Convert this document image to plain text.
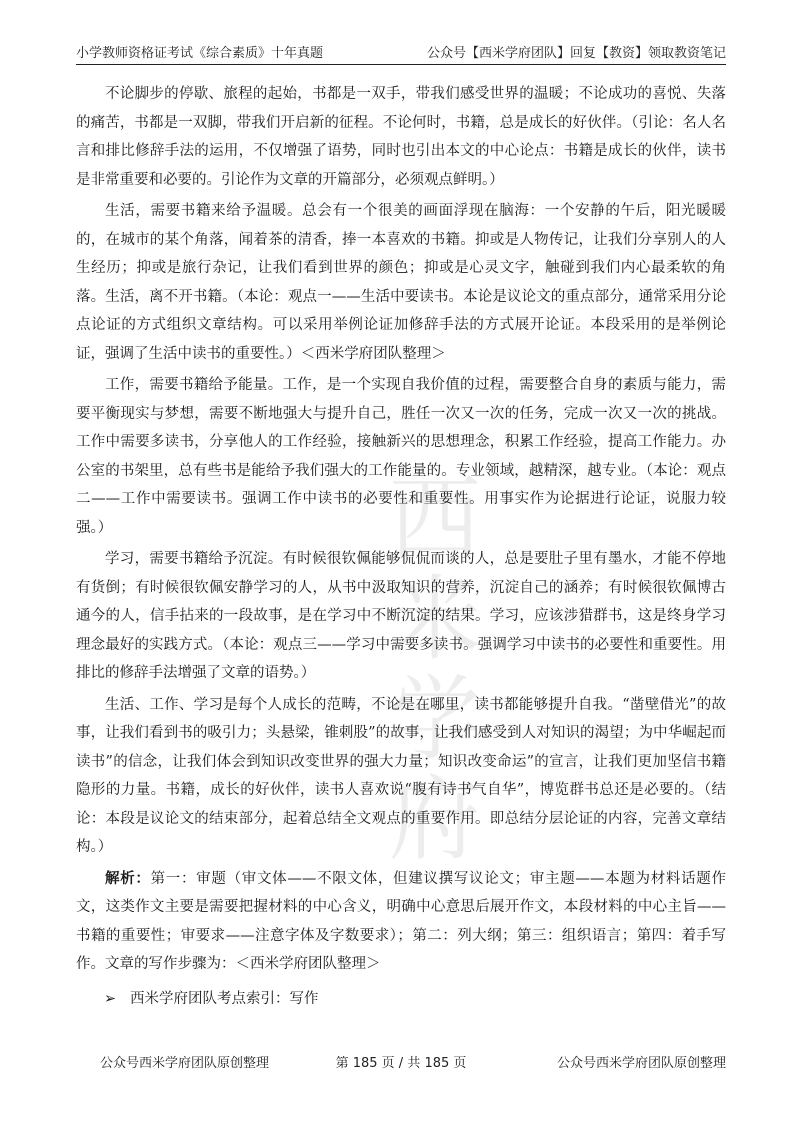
小学教师资格证考试《综合素质》十年真题	公众号【西米学府团队】回复【教资】领取教资笔记
西米
学府

不论脚步的停歇、旅程的起始，书都是一双手，带我们感受世界的温暖；不论成功的喜悦、失落的痛苦，书都是一双脚，带我们开启新的征程。不论何时，书籍，总是成长的好伙伴。（引论：名人名言和排比修辞手法的运用，不仅增强了语势，同时也引出本文的中心论点：书籍是成长的伙伴，读书是非常重要和必要的。引论作为文章的开篇部分，必须观点鲜明。）

生活，需要书籍来给予温暖。总会有一个很美的画面浮现在脑海：一个安静的午后，阳光暖暖的，在城市的某个角落，闻着茶的清香，捧一本喜欢的书籍。抑或是人物传记，让我们分享别人的人生经历；抑或是旅行杂记，让我们看到世界的颜色；抑或是心灵文字，触碰到我们内心最柔软的角落。生活，离不开书籍。（本论：观点一——生活中要读书。本论是议论文的重点部分，通常采用分论点论证的方式组织文章结构。可以采用举例论证加修辞手法的方式展开论证。本段采用的是举例论证，强调了生活中读书的重要性。）＜西米学府团队整理＞

工作，需要书籍给予能量。工作，是一个实现自我价值的过程，需要整合自身的素质与能力，需要平衡现实与梦想，需要不断地强大与提升自己，胜任一次又一次的任务，完成一次又一次的挑战。工作中需要多读书，分享他人的工作经验，接触新兴的思想理念，积累工作经验，提高工作能力。办公室的书架里，总有些书是能给予我们强大的工作能量的。专业领域，越精深，越专业。（本论：观点二——工作中需要读书。强调工作中读书的必要性和重要性。用事实作为论据进行论证，说服力较强。）

学习，需要书籍给予沉淀。有时候很钦佩能够侃侃而谈的人，总是要肚子里有墨水，才能不停地有货倒；有时候很钦佩安静学习的人，从书中汲取知识的营养，沉淀自己的涵养；有时候很钦佩博古通今的人，信手拈来的一段故事，是在学习中不断沉淀的结果。学习，应该涉猎群书，这是终身学习理念最好的实践方式。（本论：观点三——学习中需要多读书。强调学习中读书的必要性和重要性。用排比的修辞手法增强了文章的语势。）

生活、工作、学习是每个人成长的范畴，不论是在哪里，读书都能够提升自我。“凿壁借光”的故事，让我们看到书的吸引力；头悬梁，锥刺股”的故事，让我们感受到人对知识的渴望；为中华崛起而读书”的信念，让我们体会到知识改变世界的强大力量；知识改变命运”的宣言，让我们更加坚信书籍隐形的力量。书籍，成长的好伙伴，读书人喜欢说“腹有诗书气自华”，博览群书总还是必要的。（结论：本段是议论文的结束部分，起着总结全文观点的重要作用。即总结分层论证的内容，完善文章结构。）

解析：第一：审题（审文体——不限文体，但建议撰写议论文；审主题——本题为材料话题作文，这类作文主要是需要把握材料的中心含义，明确中心意思后展开作文，本段材料的中心主旨——书籍的重要性；审要求——注意字体及字数要求）；第二：列大纲；第三：组织语言；第四：着手写作。文章的写作步骤为：＜西米学府团队整理＞

➢ 西米学府团队考点索引：写作
公众号西米学府团队原创整理	第 185 页 / 共 185 页	公众号西米学府团队原创整理
